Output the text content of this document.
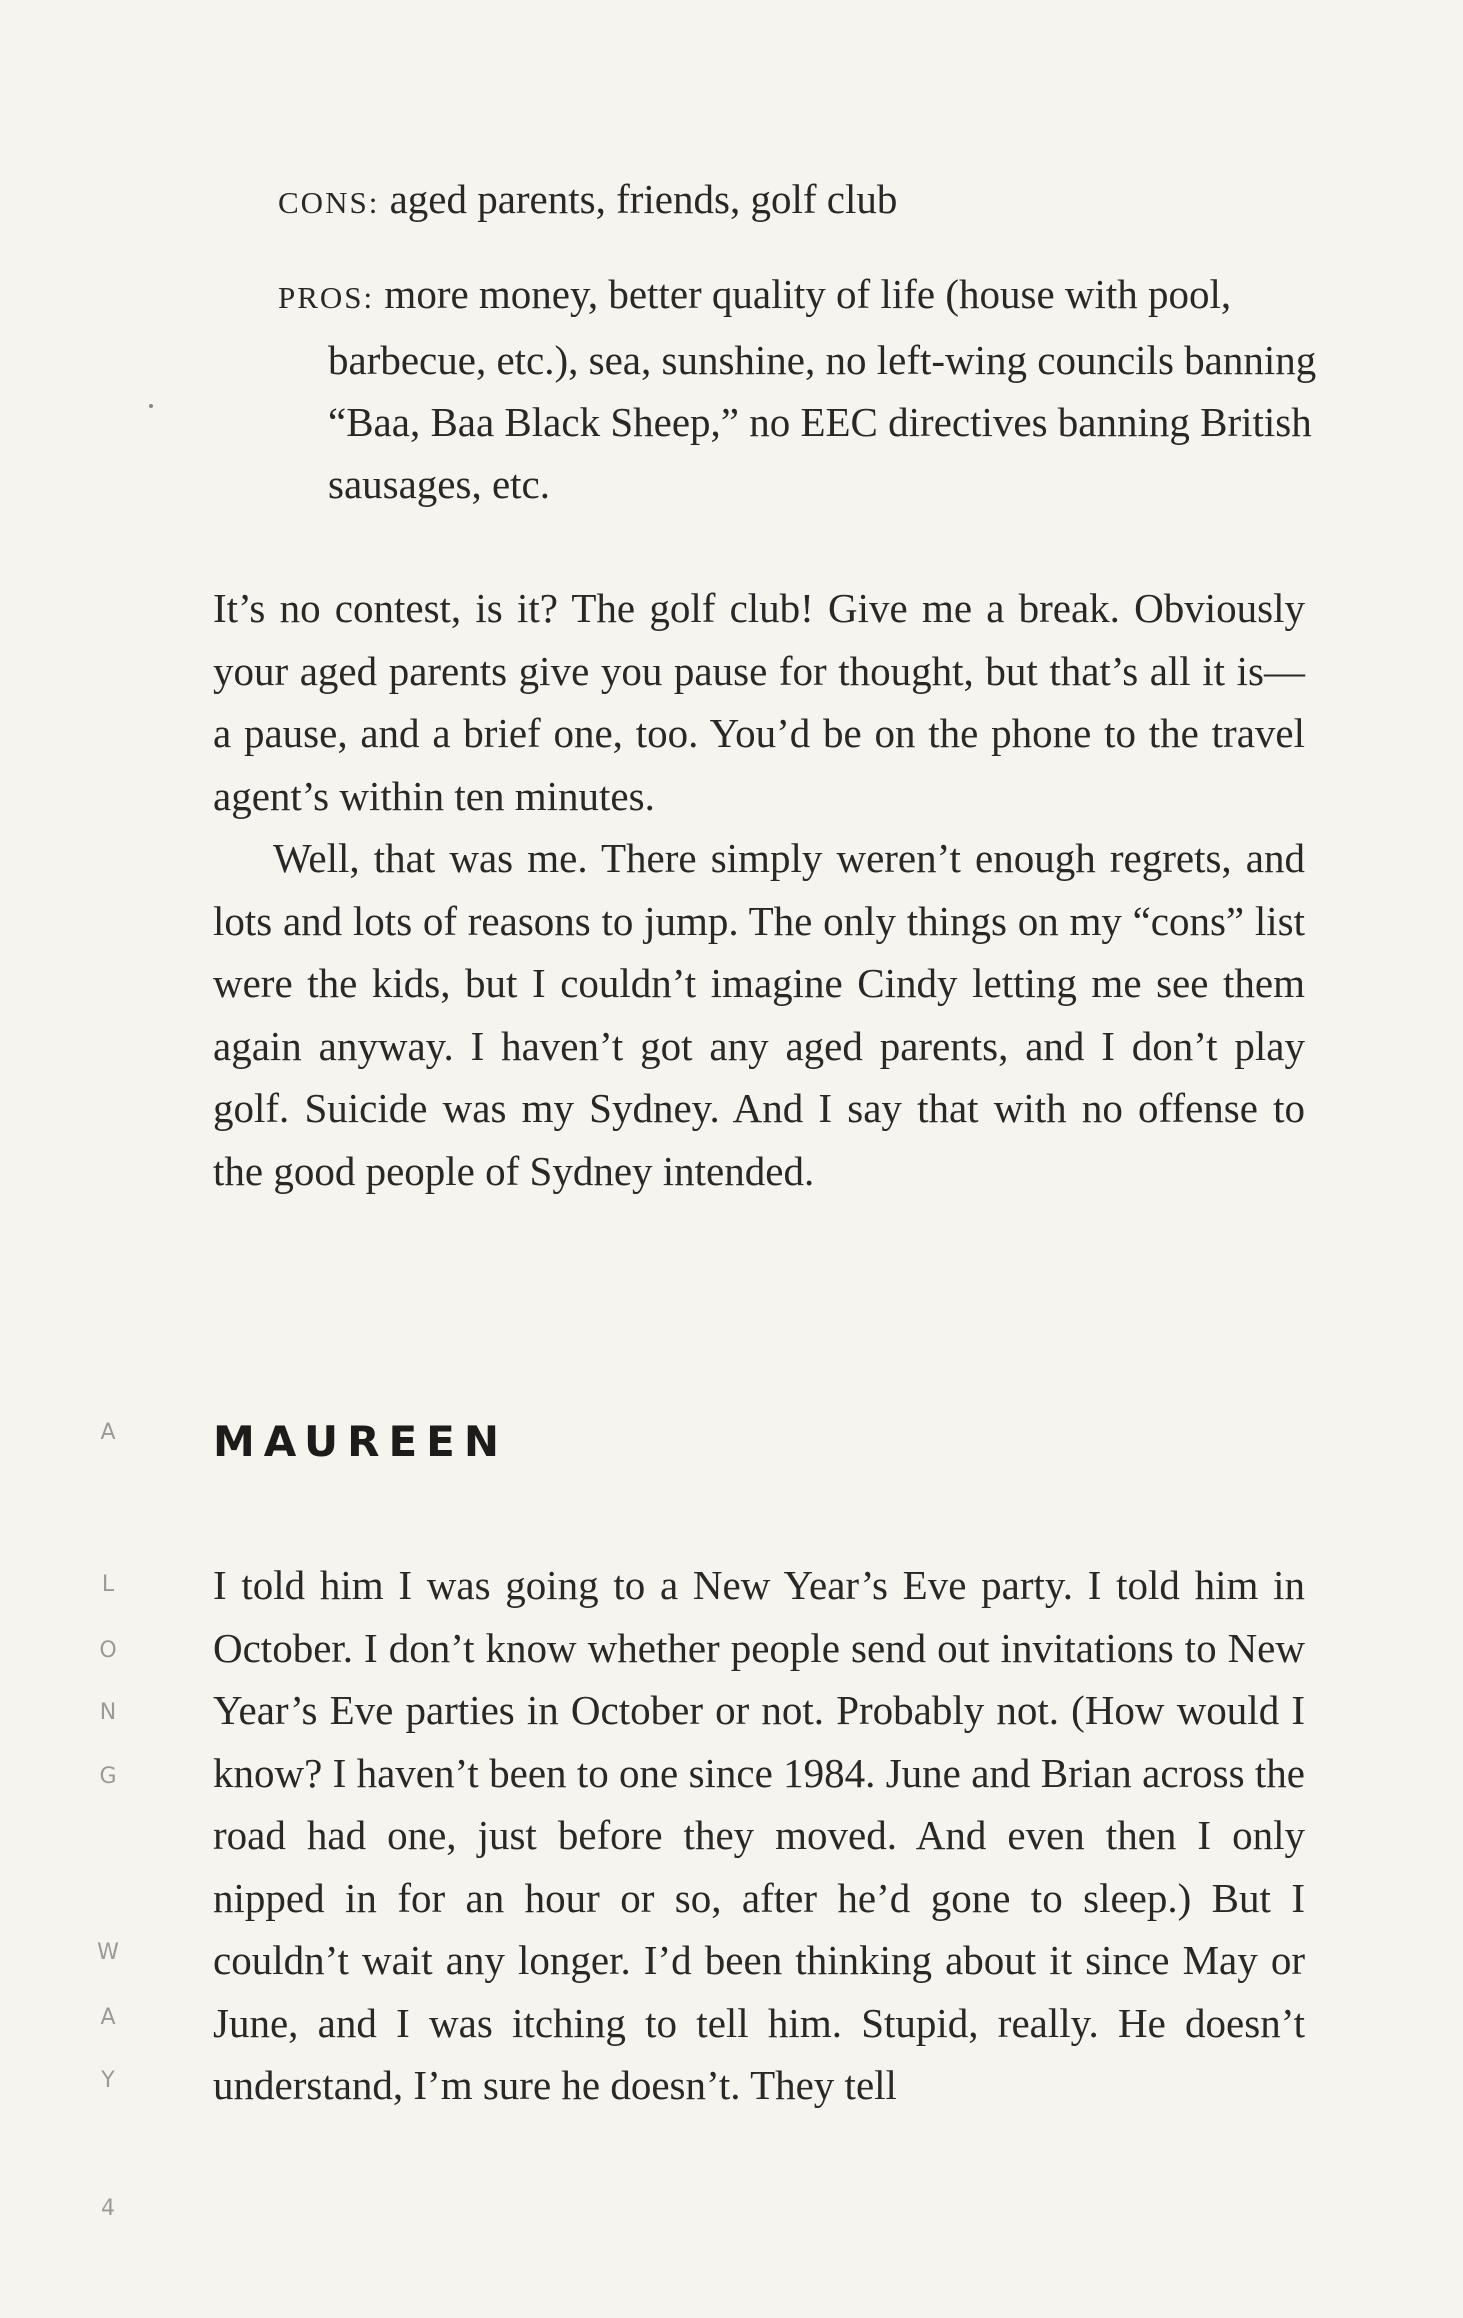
CONS: aged parents, friends, golf club
PROS: more money, better quality of life (house with pool, barbecue, etc.), sea, sunshine, no left-wing councils banning “Baa, Baa Black Sheep,” no EEC directives banning British sausages, etc.

It’s no contest, is it? The golf club! Give me a break. Obviously your aged parents give you pause for thought, but that’s all it is—a pause, and a brief one, too. You’d be on the phone to the travel agent’s within ten minutes.

Well, that was me. There simply weren’t enough regrets, and lots and lots of reasons to jump. The only things on my “cons” list were the kids, but I couldn’t imagine Cindy letting me see them again anyway. I haven’t got any aged parents, and I don’t play golf. Suicide was my Sydney. And I say that with no offense to the good people of Sydney intended.

MAUREEN

I told him I was going to a New Year’s Eve party. I told him in October. I don’t know whether people send out invitations to New Year’s Eve parties in October or not. Probably not. (How would I know? I haven’t been to one since 1984. June and Brian across the road had one, just before they moved. And even then I only nipped in for an hour or so, after he’d gone to sleep.) But I couldn’t wait any longer. I’d been thinking about it since May or June, and I was itching to tell him. Stupid, really. He doesn’t understand, I’m sure he doesn’t. They tell

A
L
O
N
G
W
A
Y
4
